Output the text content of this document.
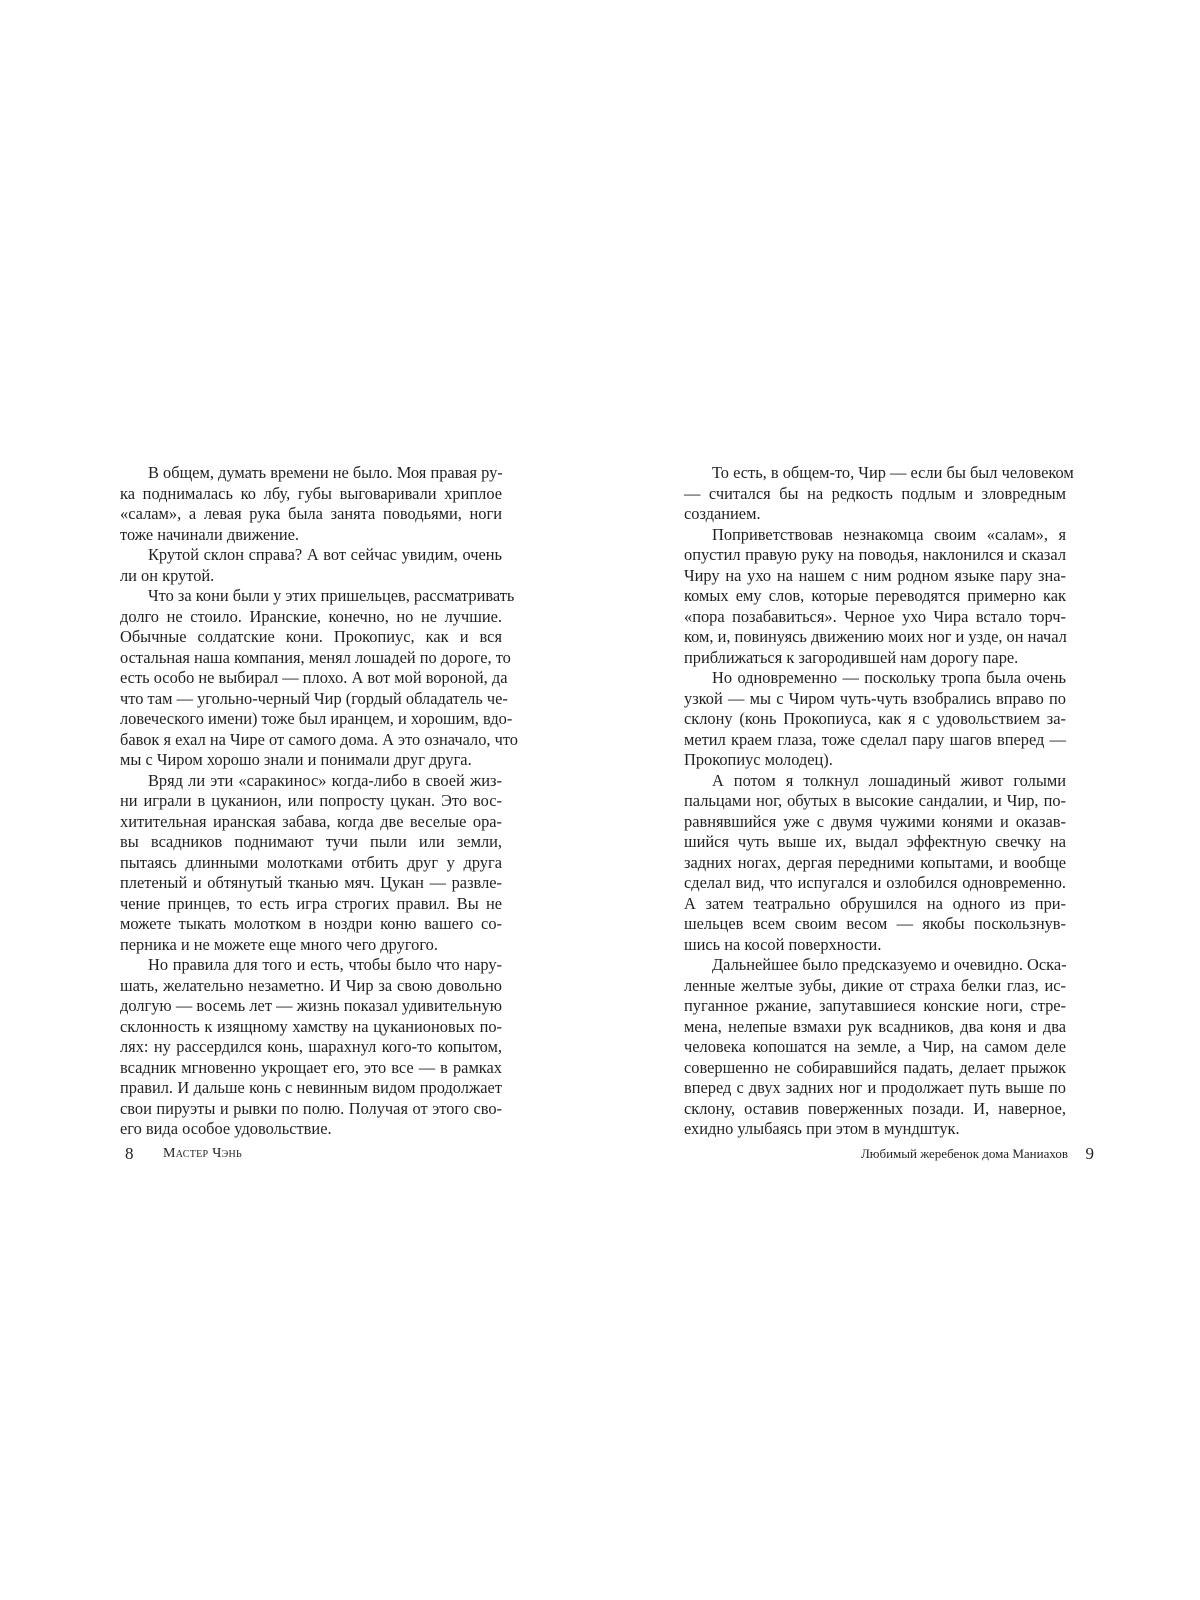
В общем, думать времени не было. Моя правая ру-
ка поднималась ко лбу, губы выговаривали хриплое
«салам», а левая рука была занята поводьями, ноги
тоже начинали движение.

Крутой склон справа? А вот сейчас увидим, очень
ли он крутой.

Что за кони были у этих пришельцев, рассматривать
долго не стоило. Иранские, конечно, но не лучшие.
Обычные солдатские кони. Прокопиус, как и вся
остальная наша компания, менял лошадей по дороге, то
есть особо не выбирал — плохо. А вот мой вороной, да
что там — угольно-черный Чир (гордый обладатель че-
ловеческого имени) тоже был иранцем, и хорошим, вдо-
бавок я ехал на Чире от самого дома. А это означало, что
мы с Чиром хорошо знали и понимали друг друга.

Вряд ли эти «саракинос» когда-либо в своей жиз-
ни играли в цуканион, или попросту цукан. Это вос-
хитительная иранская забава, когда две веселые ора-
вы всадников поднимают тучи пыли или земли,
пытаясь длинными молотками отбить друг у друга
плетеный и обтянутый тканью мяч. Цукан — развле-
чение принцев, то есть игра строгих правил. Вы не
можете тыкать молотком в ноздри коню вашего со-
перника и не можете еще много чего другого.

Но правила для того и есть, чтобы было что нару-
шать, желательно незаметно. И Чир за свою довольно
долгую — восемь лет — жизнь показал удивительную
склонность к изящному хамству на цуканионовых по-
лях: ну рассердился конь, шарахнул кого-то копытом,
всадник мгновенно укрощает его, это все — в рамках
правил. И дальше конь с невинным видом продолжает
свои пируэты и рывки по полю. Получая от этого сво-
его вида особое удовольствие.

8 Мастер Чэнь

То есть, в общем-то, Чир — если бы был человеком
— считался бы на редкость подлым и зловредным
созданием.

Поприветствовав незнакомца своим «салам», я
опустил правую руку на поводья, наклонился и сказал
Чиру на ухо на нашем с ним родном языке пару зна-
комых ему слов, которые переводятся примерно как
«пора позабавиться». Черное ухо Чира встало торч-
ком, и, повинуясь движению моих ног и узде, он начал
приближаться к загородившей нам дорогу паре.

Но одновременно — поскольку тропа была очень
узкой — мы с Чиром чуть-чуть взобрались вправо по
склону (конь Прокопиуса, как я с удовольствием за-
метил краем глаза, тоже сделал пару шагов вперед —
Прокопиус молодец).

А потом я толкнул лошадиный живот голыми
пальцами ног, обутых в высокие сандалии, и Чир, по-
равнявшийся уже с двумя чужими конями и оказав-
шийся чуть выше их, выдал эффектную свечку на
задних ногах, дергая передними копытами, и вообще
сделал вид, что испугался и озлобился одновременно.
А затем театрально обрушился на одного из при-
шельцев всем своим весом — якобы поскользнув-
шись на косой поверхности.

Дальнейшее было предсказуемо и очевидно. Оска-
ленные желтые зубы, дикие от страха белки глаз, ис-
пуганное ржание, запутавшиеся конские ноги, стре-
мена, нелепые взмахи рук всадников, два коня и два
человека копошатся на земле, а Чир, на самом деле
совершенно не собиравшийся падать, делает прыжок
вперед с двух задних ног и продолжает путь выше по
склону, оставив поверженных позади. И, наверное,
ехидно улыбаясь при этом в мундштук.

Любимый жеребенок дома Маниахов 9
